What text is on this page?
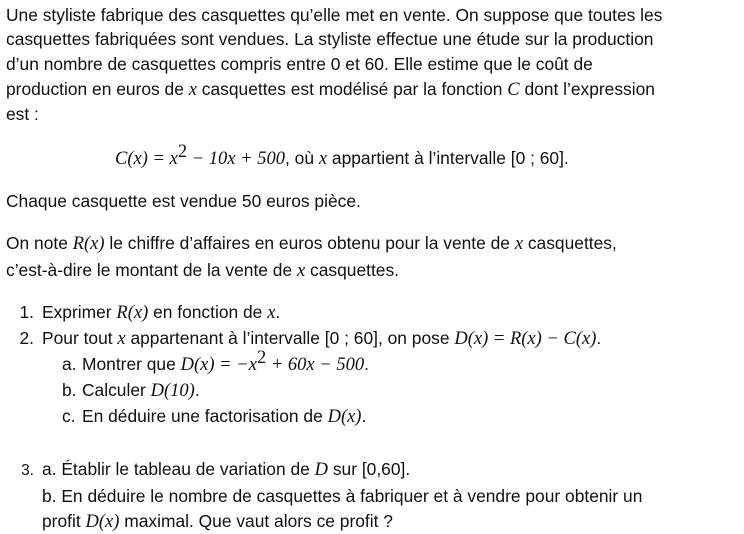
Une styliste fabrique des casquettes qu’elle met en vente. On suppose que toutes les
casquettes fabriquées sont vendues. La styliste effectue une étude sur la production
d’un nombre de casquettes compris entre 0 et 60. Elle estime que le coût de
production en euros de x casquettes est modélisé par la fonction C dont l’expression
est :
$C(x) = x^2 - 10x + 500$, où x appartient à l’intervalle [0 ; 60].
Chaque casquette est vendue 50 euros pièce.
On note R(x) le chiffre d’affaires en euros obtenu pour la vente de x casquettes,
c’est-à-dire le montant de la vente de x casquettes.
1. Exprimer R(x) en fonction de x.
2. Pour tout x appartenant à l’intervalle [0 ; 60], on pose D(x) = R(x) − C(x).
a. Montrer que $D(x) = -x^2 + 60x - 500$.
b. Calculer D(10).
c. En déduire une factorisation de D(x).
3. a. Établir le tableau de variation de D sur [0,60].
b. En déduire le nombre de casquettes à fabriquer et à vendre pour obtenir un
profit D(x) maximal. Que vaut alors ce profit ?
